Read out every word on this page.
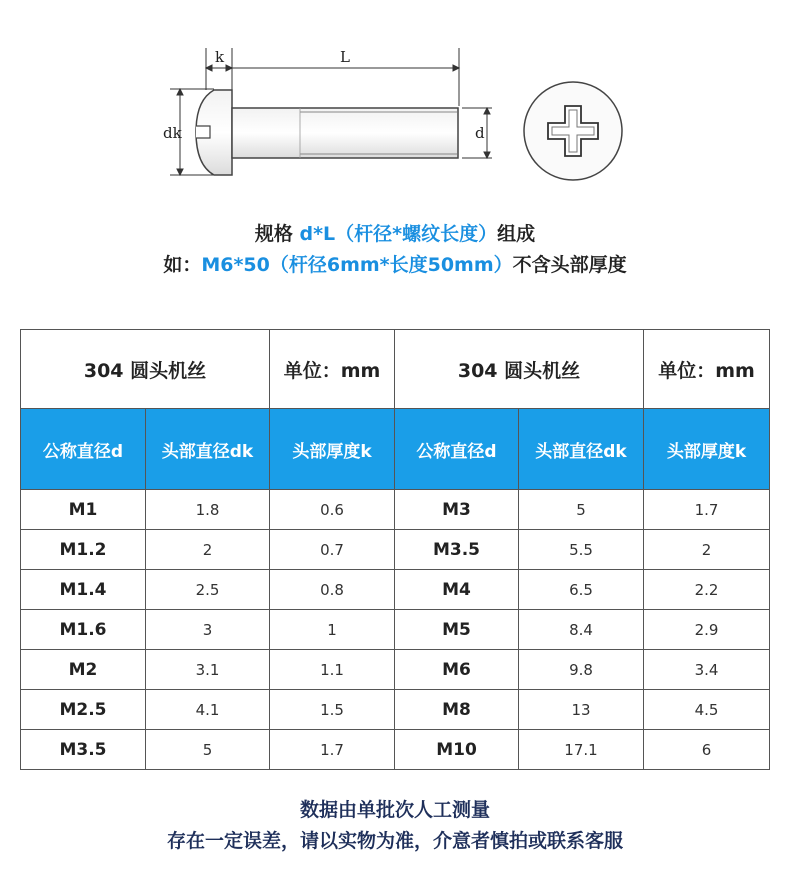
k	L
dk	d
规格 d*L（杆径*螺纹长度）组成
如：M6*50（杆径6mm*长度50mm）不含头部厚度
304 圆头机丝		单位：mm	304 圆头机丝		单位：mm
公称直径d	头部直径dk	头部厚度k	公称直径d	头部直径dk	头部厚度k
M1	1.8	0.6	M3	5	1.7
M1.2	2	0.7	M3.5	5.5	2
M1.4	2.5	0.8	M4	6.5	2.2
M1.6	3	1	M5	8.4	2.9
M2	3.1	1.1	M6	9.8	3.4
M2.5	4.1	1.5	M8	13	4.5
M3.5	5	1.7	M10	17.1	6
数据由单批次人工测量
存在一定误差，请以实物为准，介意者慎拍或联系客服
